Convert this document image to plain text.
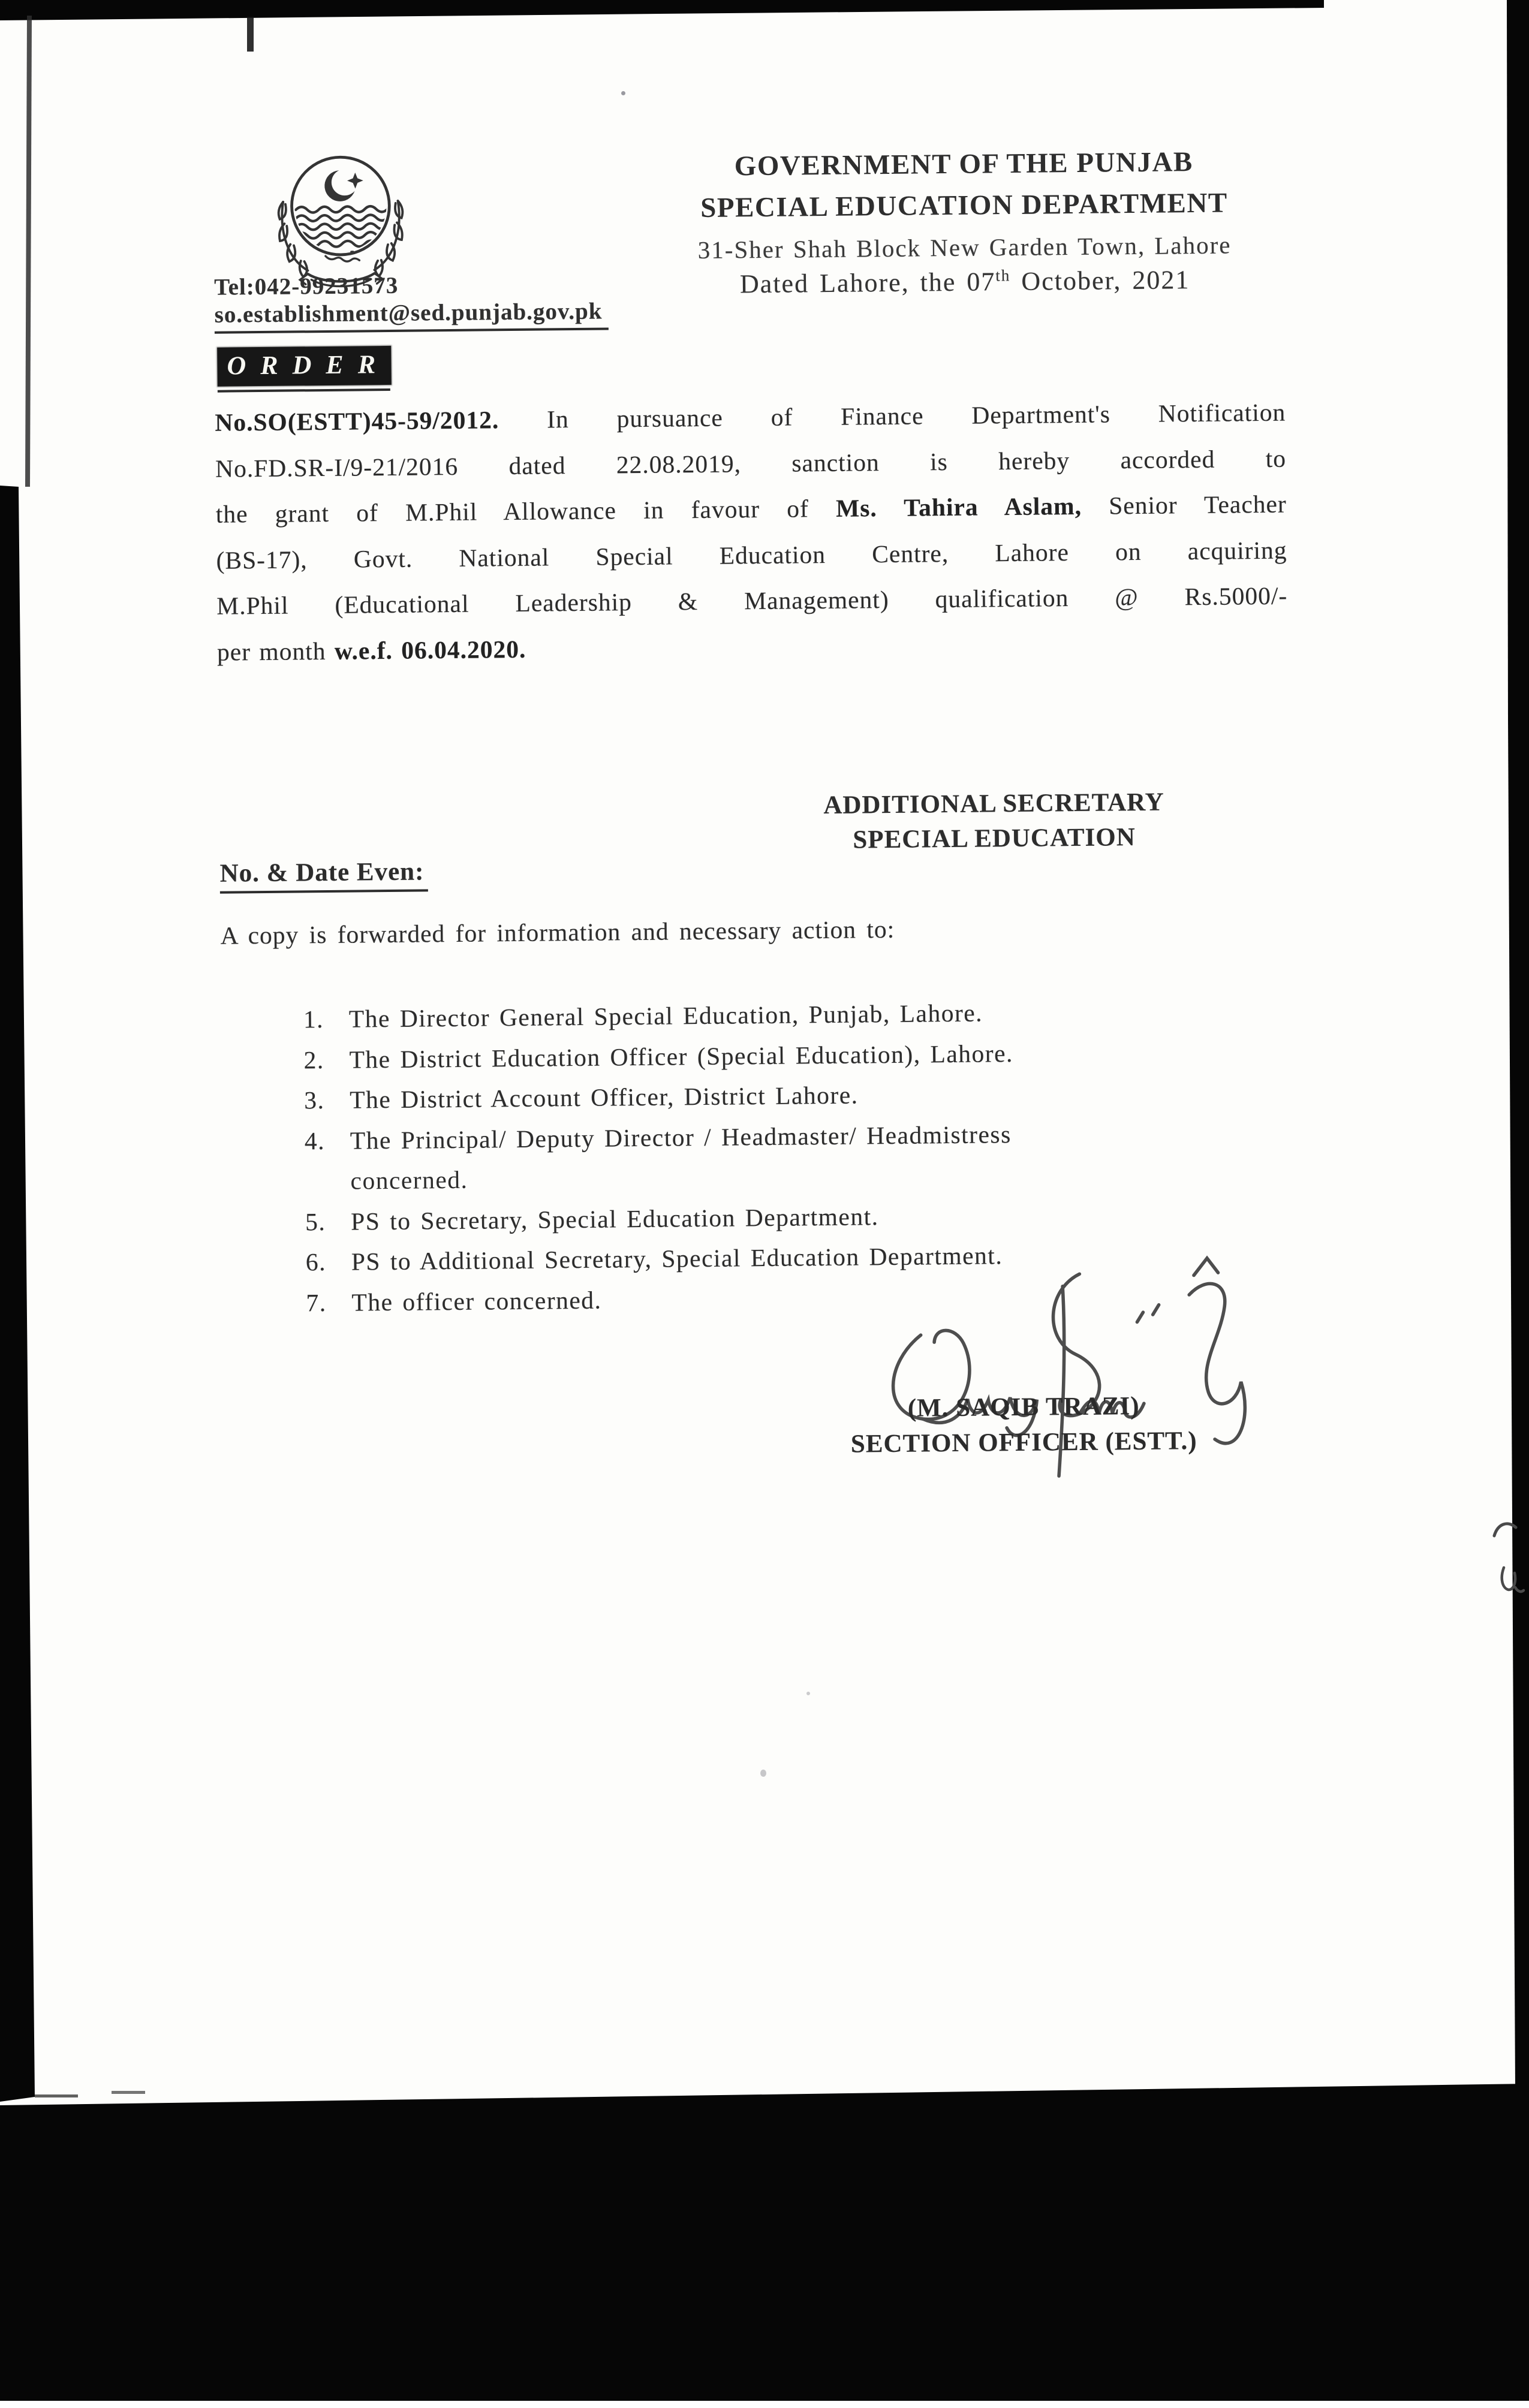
GOVERNMENT OF THE PUNJAB
SPECIAL EDUCATION DEPARTMENT
31-Sher Shah Block New Garden Town, Lahore
Dated Lahore, the 07th October, 2021
Tel:042-99231573
so.establishment@sed.punjab.gov.pk
ORDER
No.SO(ESTT)45-59/2012. In pursuance of Finance Department's Notification
No.FD.SR-I/9-21/2016 dated 22.08.2019, sanction is hereby accorded to
the grant of M.Phil Allowance in favour of Ms. Tahira Aslam, Senior Teacher
(BS-17), Govt. National Special Education Centre, Lahore on acquiring
M.Phil (Educational Leadership & Management) qualification @ Rs.5000/-
per month w.e.f. 06.04.2020.
ADDITIONAL SECRETARY
SPECIAL EDUCATION
No. & Date Even:
A copy is forwarded for information and necessary action to:
1. The Director General Special Education, Punjab, Lahore.
2. The District Education Officer (Special Education), Lahore.
3. The District Account Officer, District Lahore.
4. The Principal/ Deputy Director / Headmaster/ Headmistress
concerned.
5. PS to Secretary, Special Education Department.
6. PS to Additional Secretary, Special Education Department.
7. The officer concerned.
(M. SAQIB TRAZI)
SECTION OFFICER (ESTT.)
